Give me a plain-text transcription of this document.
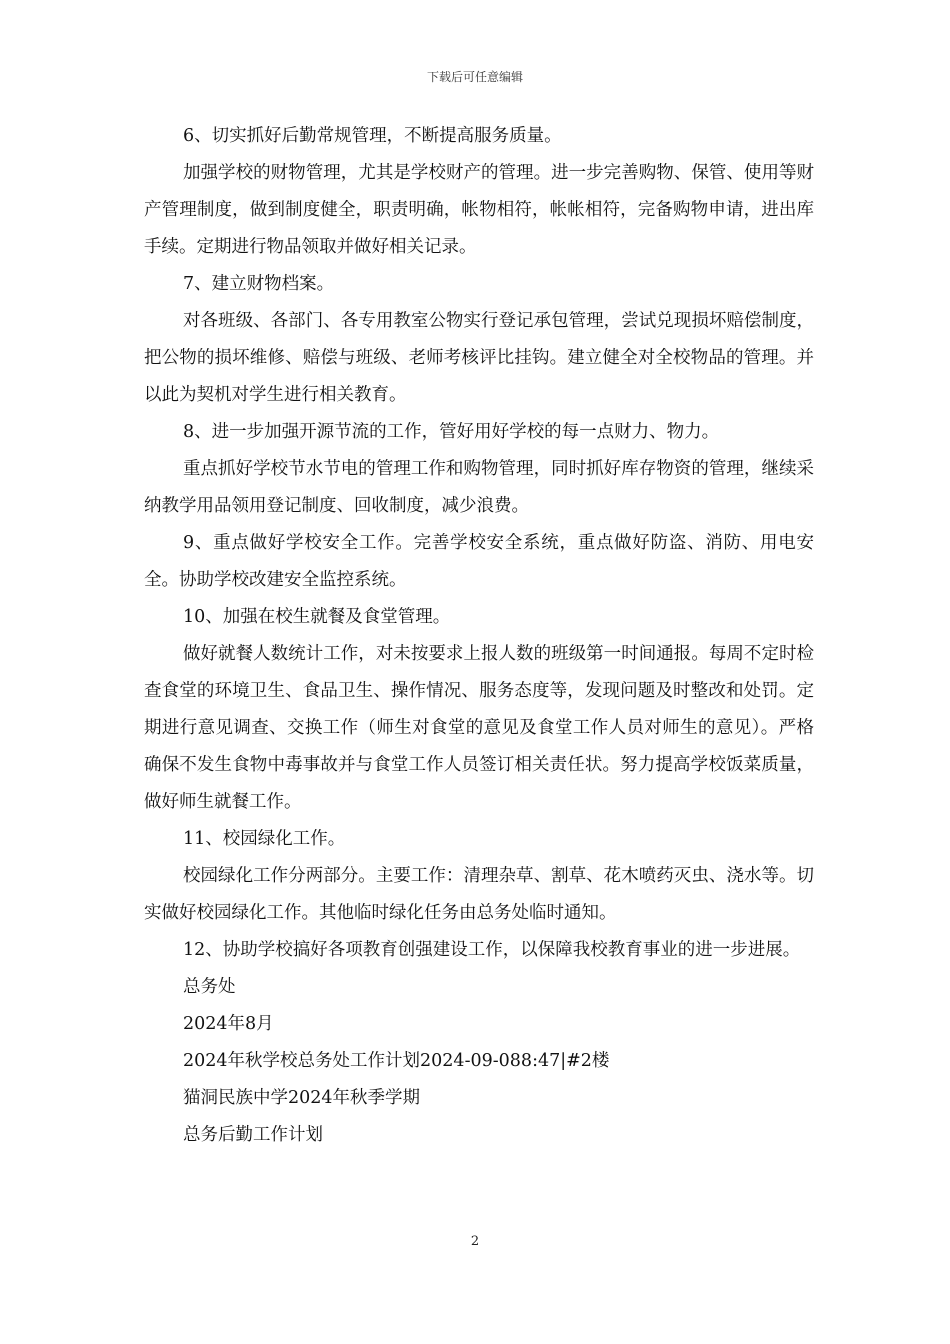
下载后可任意编辑

6、切实抓好后勤常规管理，不断提高服务质量。

加强学校的财物管理，尤其是学校财产的管理。进一步完善购物、保管、使用等财产管理制度，做到制度健全，职责明确，帐物相符，帐帐相符，完备购物申请，进出库手续。定期进行物品领取并做好相关记录。

7、建立财物档案。

对各班级、各部门、各专用教室公物实行登记承包管理，尝试兑现损坏赔偿制度，把公物的损坏维修、赔偿与班级、老师考核评比挂钩。建立健全对全校物品的管理。并以此为契机对学生进行相关教育。

8、进一步加强开源节流的工作，管好用好学校的每一点财力、物力。

重点抓好学校节水节电的管理工作和购物管理，同时抓好库存物资的管理，继续采纳教学用品领用登记制度、回收制度，减少浪费。

9、重点做好学校安全工作。完善学校安全系统，重点做好防盗、消防、用电安全。协助学校改建安全监控系统。

10、加强在校生就餐及食堂管理。

做好就餐人数统计工作，对未按要求上报人数的班级第一时间通报。每周不定时检查食堂的环境卫生、食品卫生、操作情况、服务态度等，发现问题及时整改和处罚。定期进行意见调查、交换工作（师生对食堂的意见及食堂工作人员对师生的意见）。严格确保不发生食物中毒事故并与食堂工作人员签订相关责任状。努力提高学校饭菜质量，做好师生就餐工作。

11、校园绿化工作。

校园绿化工作分两部分。主要工作：清理杂草、割草、花木喷药灭虫、浇水等。切实做好校园绿化工作。其他临时绿化任务由总务处临时通知。

12、协助学校搞好各项教育创强建设工作，以保障我校教育事业的进一步进展。

总务处

2024年8月

2024年秋学校总务处工作计划2024-09-088:47|#2楼

猫洞民族中学2024年秋季学期

总务后勤工作计划

2
